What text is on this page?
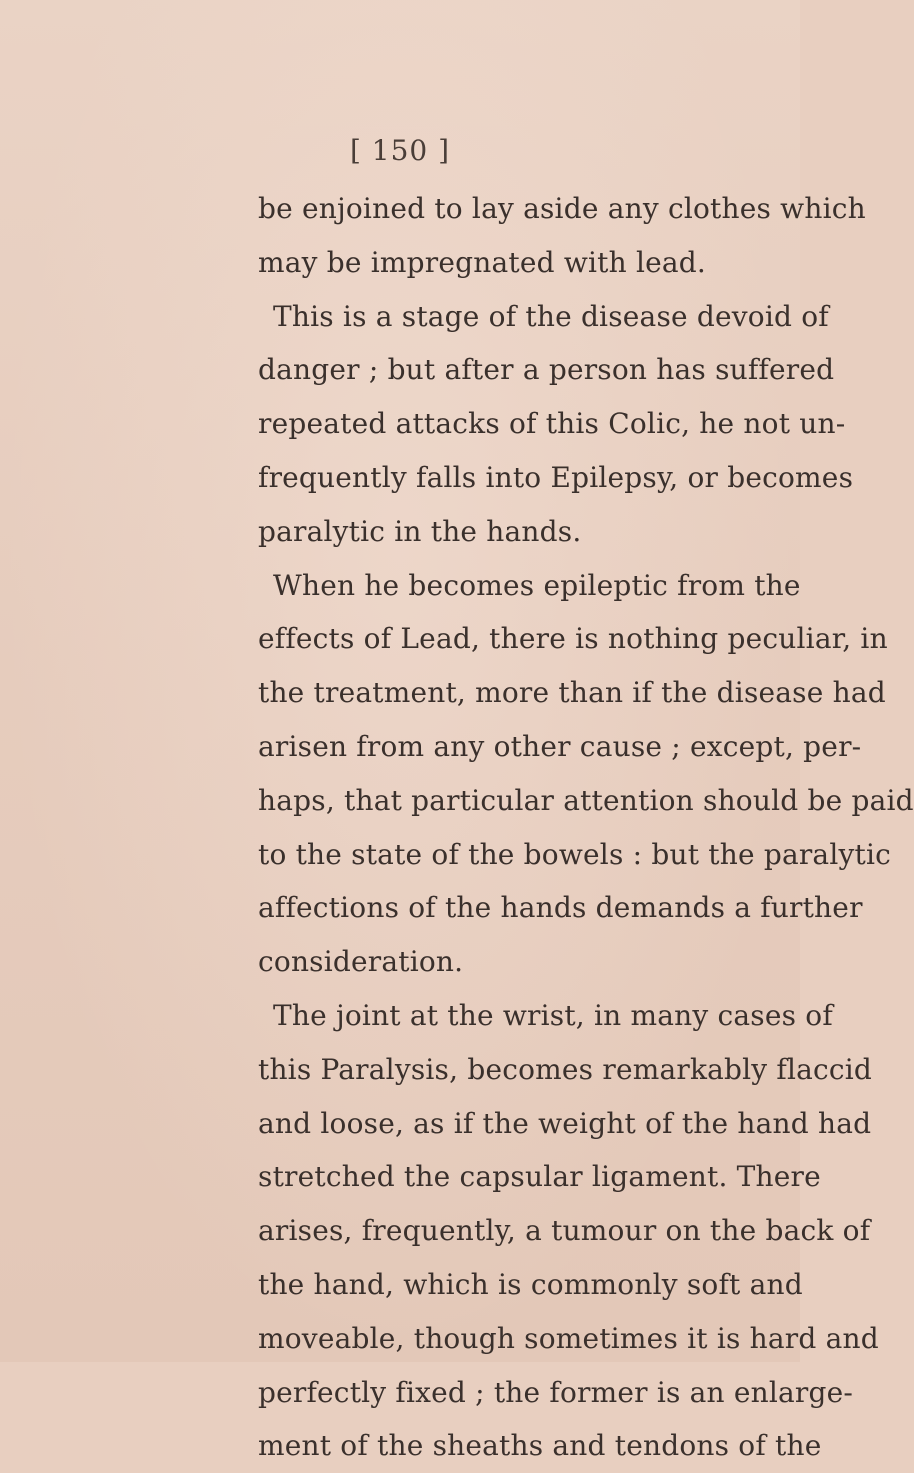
[ 150 ]
be enjoined to lay aside any clothes which
may be impregnated with lead.
This is a stage of the disease devoid of
danger ; but after a person has suffered
repeated attacks of this Colic, he not un-
frequently falls into Epilepsy, or becomes
paralytic in the hands.
When he becomes epileptic from the
effects of Lead, there is nothing peculiar, in
the treatment, more than if the disease had
arisen from any other cause ; except, per-
haps, that particular attention should be paid
to the state of the bowels : but the paralytic
affections of the hands demands a further
consideration.
The joint at the wrist, in many cases of
this Paralysis, becomes remarkably flaccid
and loose, as if the weight of the hand had
stretched the capsular ligament. There
arises, frequently, a tumour on the back of
the hand, which is commonly soft and
moveable, though sometimes it is hard and
perfectly fixed ; the former is an enlarge-
ment of the sheaths and tendons of the
